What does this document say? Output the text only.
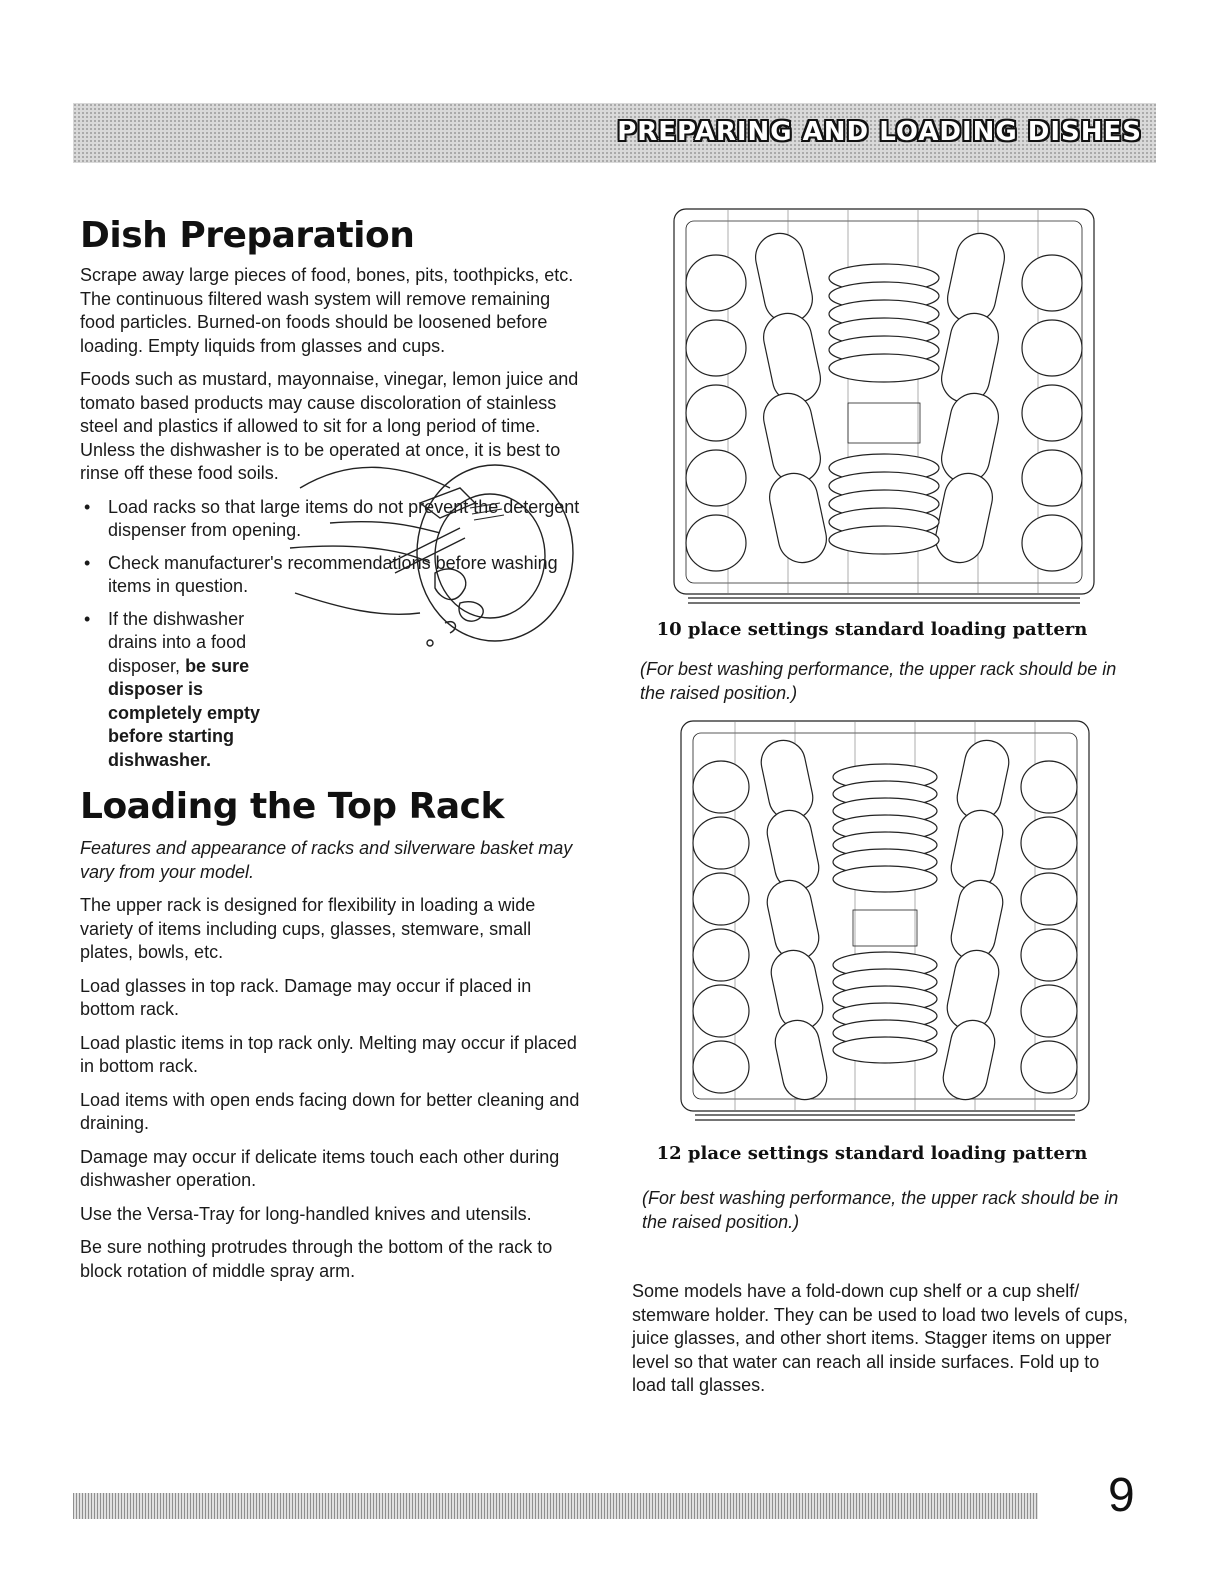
PREPARING AND LOADING DISHES
Dish Preparation

Scrape away large pieces of food, bones, pits, toothpicks, etc. The continuous filtered wash system will remove remaining food particles. Burned-on foods should be loosened before loading. Empty liquids from glasses and cups.

Foods such as mustard, mayonnaise, vinegar, lemon juice and tomato based products may cause discoloration of stainless steel and plastics if allowed to sit for a long period of time. Unless the dishwasher is to be operated at once, it is best to rinse off these food soils.

• Load racks so that large items do not prevent the detergent dispenser from opening.
• Check manufacturer's recommendations before washing items in question.
• If the dishwasher drains into a food disposer, be sure disposer is completely empty before starting dishwasher.
Loading the Top Rack

Features and appearance of racks and silverware basket may vary from your model.

The upper rack is designed for flexibility in loading a wide variety of items including cups, glasses, stemware, small plates, bowls, etc.

Load glasses in top rack. Damage may occur if placed in bottom rack.

Load plastic items in top rack only. Melting may occur if placed in bottom rack.

Load items with open ends facing down for better cleaning and draining.

Damage may occur if delicate items touch each other during dishwasher operation.

Use the Versa-Tray for long-handled knives and utensils.

Be sure nothing protrudes through the bottom of the rack to block rotation of middle spray arm.

10 place settings standard loading pattern
(For best washing performance, the upper rack should be in the raised position.)
12 place settings standard loading pattern
(For best washing performance, the upper rack should be in the raised position.)

Some models have a fold-down cup shelf or a cup shelf/ stemware holder. They can be used to load two levels of cups, juice glasses, and other short items. Stagger items on upper level so that water can reach all inside surfaces. Fold up to load tall glasses.

9
